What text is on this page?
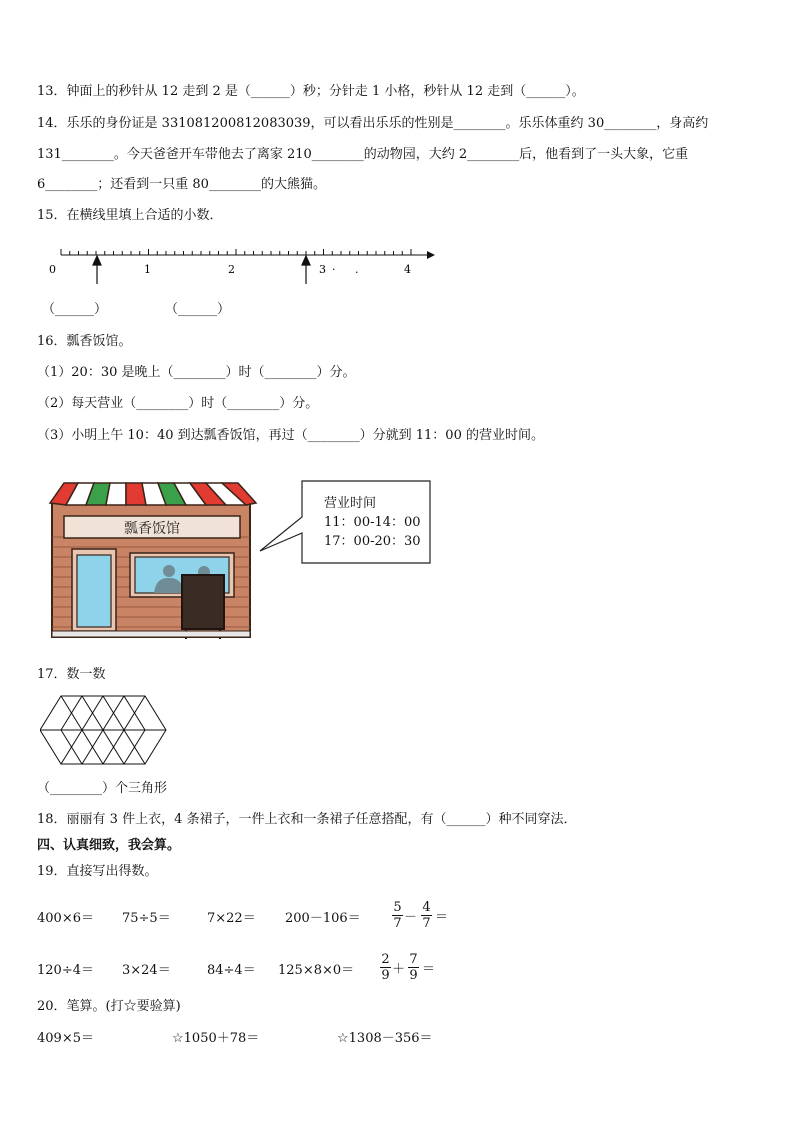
13．钟面上的秒针从 12 走到 2 是（______）秒；分针走 1 小格，秒针从 12 走到（______）。
14．乐乐的身份证是 331081200812083039，可以看出乐乐的性别是________。乐乐体重约 30________，身高约
131________。今天爸爸开车带他去了离家 210________的动物园，大约 2________后，他看到了一头大象，它重
6________；还看到一只重 80________的大熊猫。
15．在横线里填上合适的小数．
0	1	2	3	4
· .
（______）	（______）
16．瓢香饭馆。
（1）20：30 是晚上（________）时（________）分。
（2）每天营业（________）时（________）分。
（3）小明上午 10：40 到达瓢香饭馆，再过（________）分就到 11：00 的营业时间。
瓢香饭馆
营业时间
11：00-14：00
17：00-20：30
17．数一数
（________）个三角形
18．丽丽有 3 件上衣，4 条裙子，一件上衣和一条裙子任意搭配，有（______）种不同穿法．
四、认真细致，我会算。
19．直接写出得数。
400×6＝ 75÷5＝	7×22＝ 200－106＝
5
7 －
4
7 ＝
120÷4＝ 3×24＝	84÷4＝ 125×8×0＝
2
9 ＋
7
9 ＝
20．笔算。(打☆要验算)
409×5＝	☆1050＋78＝	☆1308－356＝
